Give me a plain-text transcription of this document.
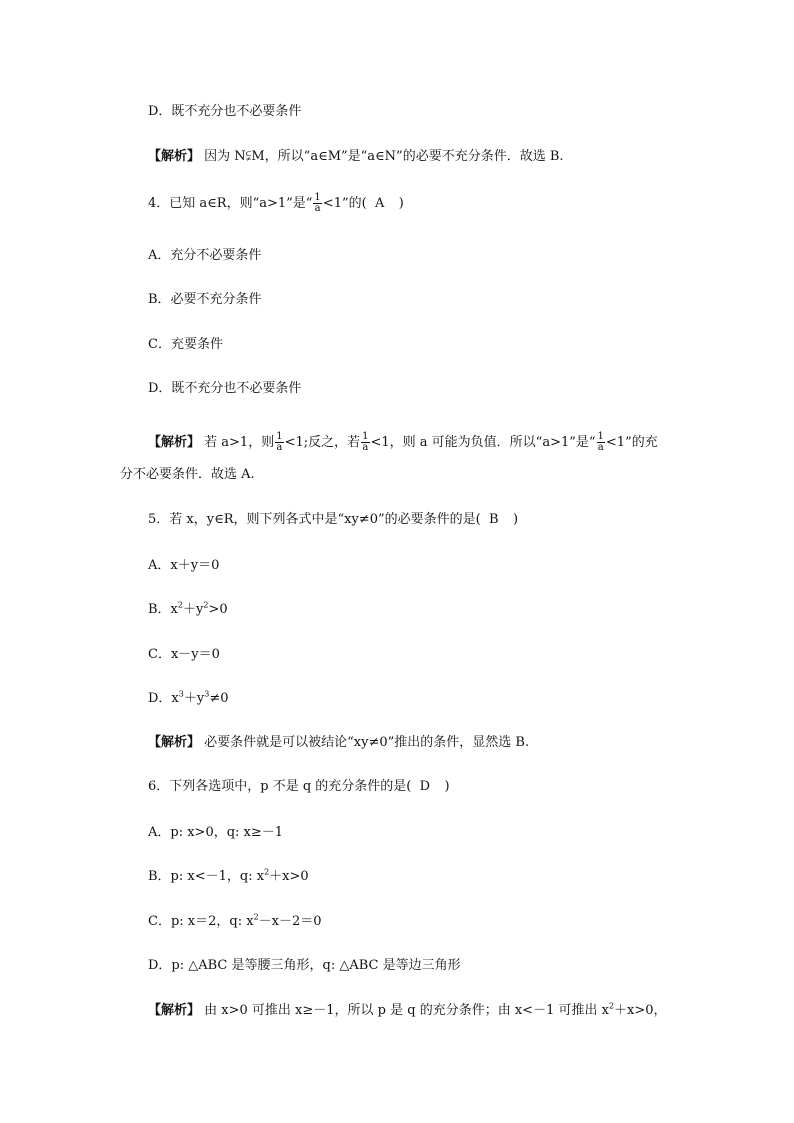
D．既不充分也不必要条件
【解析】 因为 N⫋M，所以“a∈M”是“a∈N”的必要不充分条件．故选 B.
4．已知 a∈R，则“a>1”是“ $\frac{1}{a} <1$”的( A )
A．充分不必要条件
B．必要不充分条件
C．充要条件
D．既不充分也不必要条件
【解析】 若 a>1，则 $\frac{1}{a} <1$;反之，若 $\frac{1}{a} <1$，则 a 可能为负值．所以“a>1”是“ $\frac{1}{a} <1$”的充
分不必要条件．故选 A.
5．若 x，y∈R，则下列各式中是“xy≠0”的必要条件的是( B )
A．x＋y＝0
B．$x^2+y^2>0$
C．x－y＝0
D．$x^3+y^3\ne 0$
【解析】 必要条件就是可以被结论“xy≠0”推出的条件，显然选 B.
6．下列各选项中，p 不是 q 的充分条件的是( D )
A．p: x>0，q: x≥－1
B．p: x<－1，q: $x^2+x>0$
C．p: x＝2，q: $x^2-x-2=0$
D．p: △ABC 是等腰三角形，q: △ABC 是等边三角形
【解析】 由 x>0 可推出 x≥－1，所以 p 是 q 的充分条件；由 x<－1 可推出 $x^2+x>0$，
